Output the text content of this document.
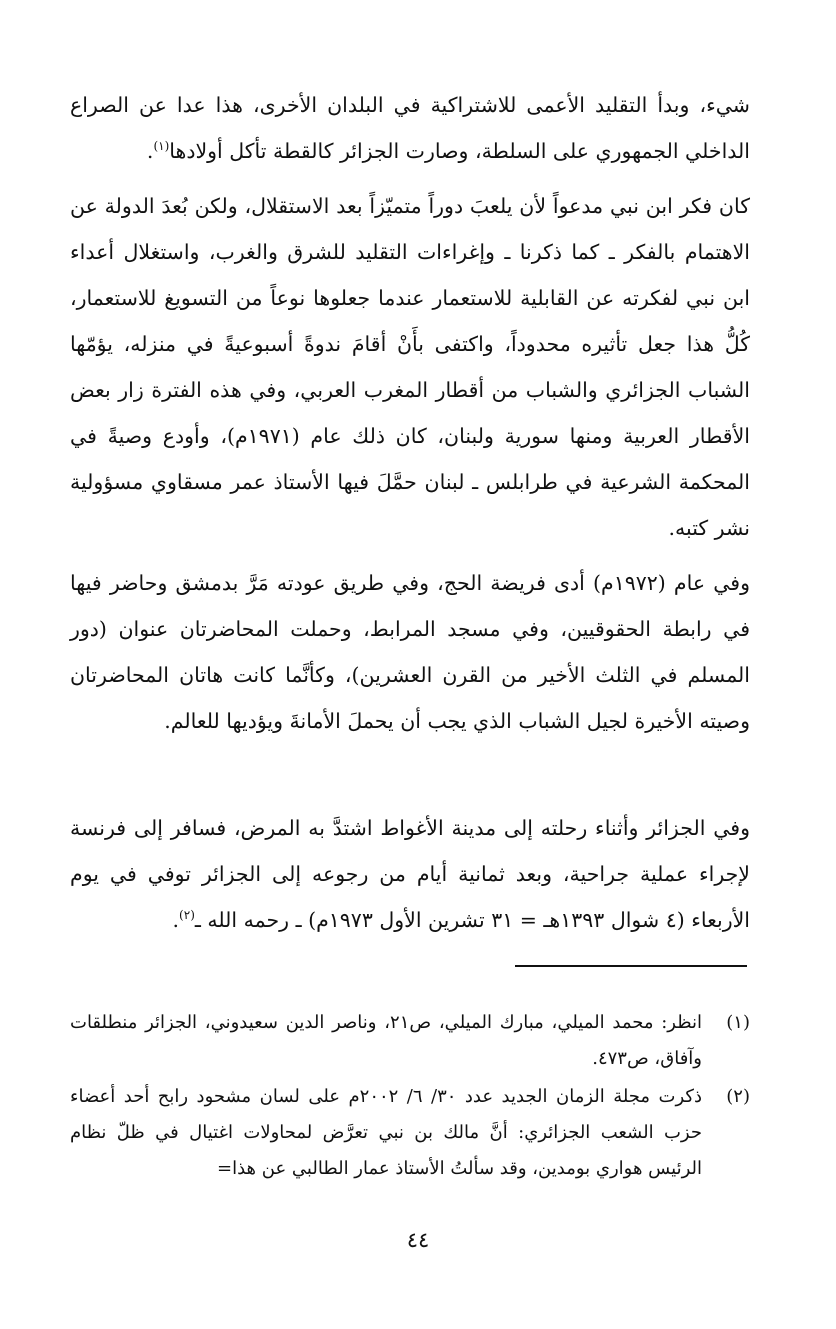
شيء، وبدأ التقليد الأعمى للاشتراكية في البلدان الأخرى، هذا عدا عن الصراع الداخلي الجمهوري على السلطة، وصارت الجزائر كالقطة تأكل أولادها$^{(١)}$.

كان فكر ابن نبي مدعواً لأن يلعبَ دوراً متميّزاً بعد الاستقلال، ولكن بُعدَ الدولة عن الاهتمام بالفكر ـ كما ذكرنا ـ وإغراءات التقليد للشرق والغرب، واستغلال أعداء ابن نبي لفكرته عن القابلية للاستعمار عندما جعلوها نوعاً من التسويغ للاستعمار، كُلُّ هذا جعل تأثيره محدوداً، واكتفى بأَنْ أقامَ ندوةً أسبوعيةً في منزله، يؤمّها الشباب الجزائري والشباب من أقطار المغرب العربي، وفي هذه الفترة زار بعض الأقطار العربية ومنها سورية ولبنان، كان ذلك عام (١٩٧١م)، وأودع وصيةً في المحكمة الشرعية في طرابلس ـ لبنان حمَّلَ فيها الأستاذ عمر مسقاوي مسؤولية نشر كتبه.

وفي عام (١٩٧٢م) أدى فريضة الحج، وفي طريق عودته مَرَّ بدمشق وحاضر فيها في رابطة الحقوقيين، وفي مسجد المرابط، وحملت المحاضرتان عنوان (دور المسلم في الثلث الأخير من القرن العشرين)، وكأنَّما كانت هاتان المحاضرتان وصيته الأخيرة لجيل الشباب الذي يجب أن يحملَ الأمانةَ ويؤديها للعالم.

وفي الجزائر وأثناء رحلته إلى مدينة الأغواط اشتدَّ به المرض، فسافر إلى فرنسة لإجراء عملية جراحية، وبعد ثمانية أيام من رجوعه إلى الجزائر توفي في يوم الأربعاء (٤ شوال ١٣٩٣هـ = ٣١ تشرين الأول ١٩٧٣م) ـ رحمه الله ـ$^{(٢)}$.

(١)
انظر: محمد الميلي، مبارك الميلي، ص٢١، وناصر الدين سعيدوني، الجزائر منطلقات وآفاق، ص٤٧٣.
(٢)
ذكرت مجلة الزمان الجديد عدد ٣٠/ ٦/ ٢٠٠٢م على لسان مشحود رابح أحد أعضاء حزب الشعب الجزائري: أنَّ مالك بن نبي تعرَّض لمحاولات اغتيال في ظلّ نظام الرئيس هواري بومدين، وقد سألتُ الأستاذ عمار الطالبي عن هذا=
٤٤
